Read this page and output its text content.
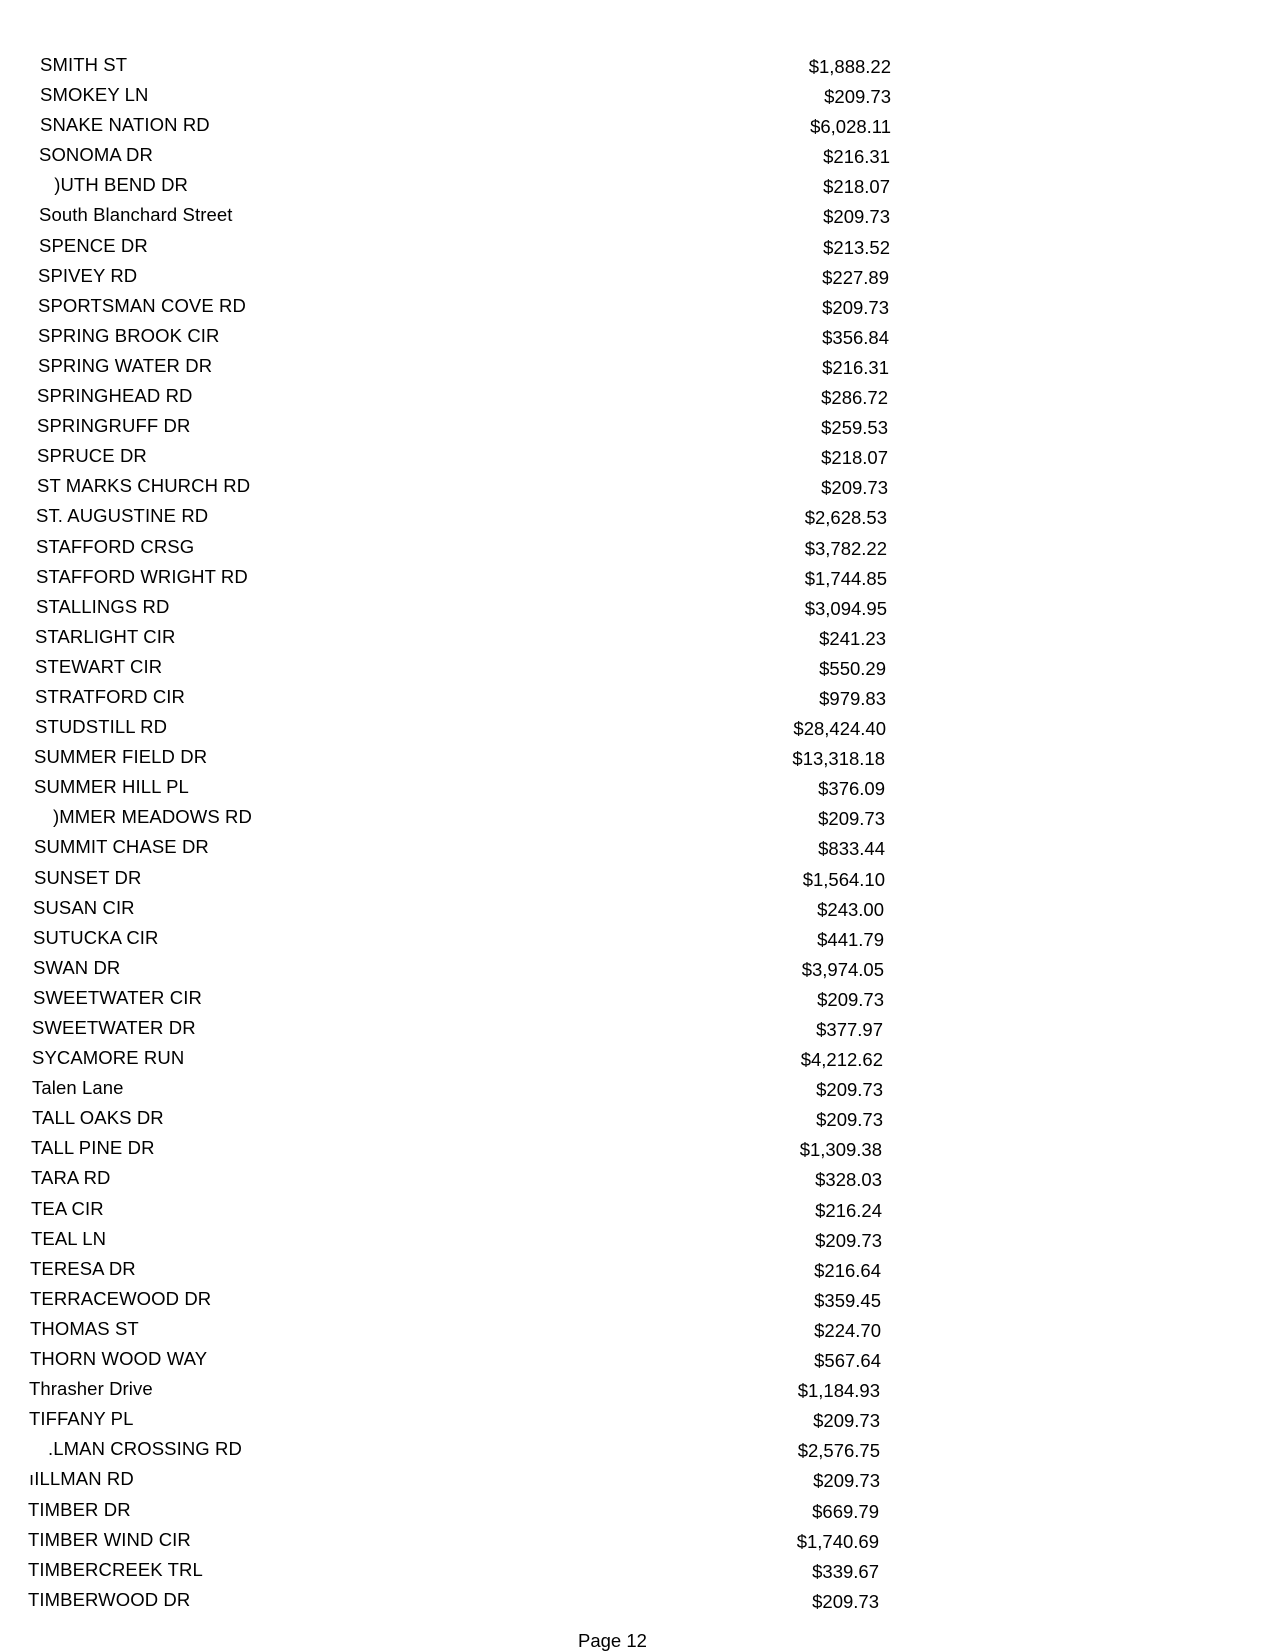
SMITH ST	$1,888.22
SMOKEY LN	$209.73
SNAKE NATION RD	$6,028.11
SONOMA DR	$216.31
    )UTH BEND DR	$218.07
South Blanchard Street	$209.73
SPENCE DR	$213.52
SPIVEY RD	$227.89
SPORTSMAN COVE RD	$209.73
SPRING BROOK CIR	$356.84
SPRING WATER DR	$216.31
SPRINGHEAD RD	$286.72
SPRINGRUFF DR	$259.53
SPRUCE DR	$218.07
ST MARKS CHURCH RD	$209.73
ST. AUGUSTINE RD	$2,628.53
STAFFORD CRSG	$3,782.22
STAFFORD WRIGHT RD	$1,744.85
STALLINGS RD	$3,094.95
STARLIGHT CIR	$241.23
STEWART CIR	$550.29
STRATFORD CIR	$979.83
STUDSTILL RD	$28,424.40
SUMMER FIELD DR	$13,318.18
SUMMER HILL PL	$376.09
     )MMER MEADOWS RD	$209.73
SUMMIT CHASE DR	$833.44
SUNSET DR	$1,564.10
SUSAN CIR	$243.00
SUTUCKA CIR	$441.79
SWAN DR	$3,974.05
SWEETWATER CIR	$209.73
SWEETWATER DR	$377.97
SYCAMORE RUN	$4,212.62
Talen Lane	$209.73
TALL OAKS DR	$209.73
TALL PINE DR	$1,309.38
TARA RD	$328.03
TEA CIR	$216.24
TEAL LN	$209.73
TERESA DR	$216.64
TERRACEWOOD DR	$359.45
THOMAS ST	$224.70
THORN WOOD WAY	$567.64
Thrasher Drive	$1,184.93
TIFFANY PL	$209.73
     .LMAN CROSSING RD	$2,576.75
ıILLMAN RD	$209.73
TIMBER DR	$669.79
TIMBER WIND CIR	$1,740.69
TIMBERCREEK TRL	$339.67
TIMBERWOOD DR	$209.73
Page 12
